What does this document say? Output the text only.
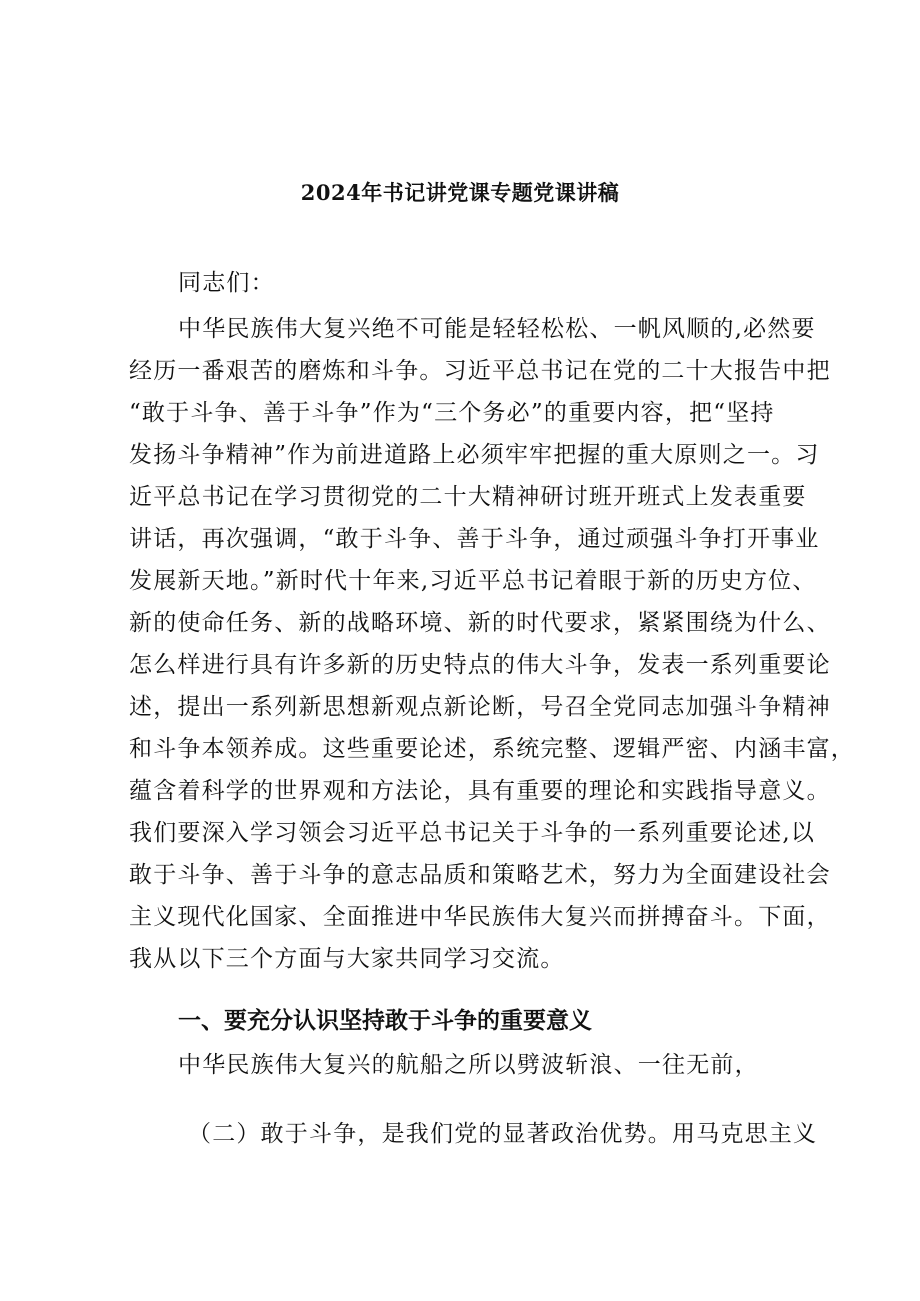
2024年书记讲党课专题党课讲稿
同志们：
中华民族伟大复兴绝不可能是轻轻松松、一帆风顺的,必然要
经历一番艰苦的磨炼和斗争。习近平总书记在党的二十大报告中把
“敢于斗争、善于斗争”作为“三个务必”的重要内容，把“坚持
发扬斗争精神”作为前进道路上必须牢牢把握的重大原则之一。习
近平总书记在学习贯彻党的二十大精神研讨班开班式上发表重要
讲话，再次强调，“敢于斗争、善于斗争，通过顽强斗争打开事业
发展新天地。”新时代十年来,习近平总书记着眼于新的历史方位、
新的使命任务、新的战略环境、新的时代要求，紧紧围绕为什么、
怎么样进行具有许多新的历史特点的伟大斗争，发表一系列重要论
述，提出一系列新思想新观点新论断，号召全党同志加强斗争精神
和斗争本领养成。这些重要论述，系统完整、逻辑严密、内涵丰富，
蕴含着科学的世界观和方法论，具有重要的理论和实践指导意义。
我们要深入学习领会习近平总书记关于斗争的一系列重要论述,以
敢于斗争、善于斗争的意志品质和策略艺术，努力为全面建设社会
主义现代化国家、全面推进中华民族伟大复兴而拼搏奋斗。下面，
我从以下三个方面与大家共同学习交流。
一、要充分认识坚持敢于斗争的重要意义
中华民族伟大复兴的航船之所以劈波斩浪、一往无前，
（二）敢于斗争，是我们党的显著政治优势。用马克思主义
